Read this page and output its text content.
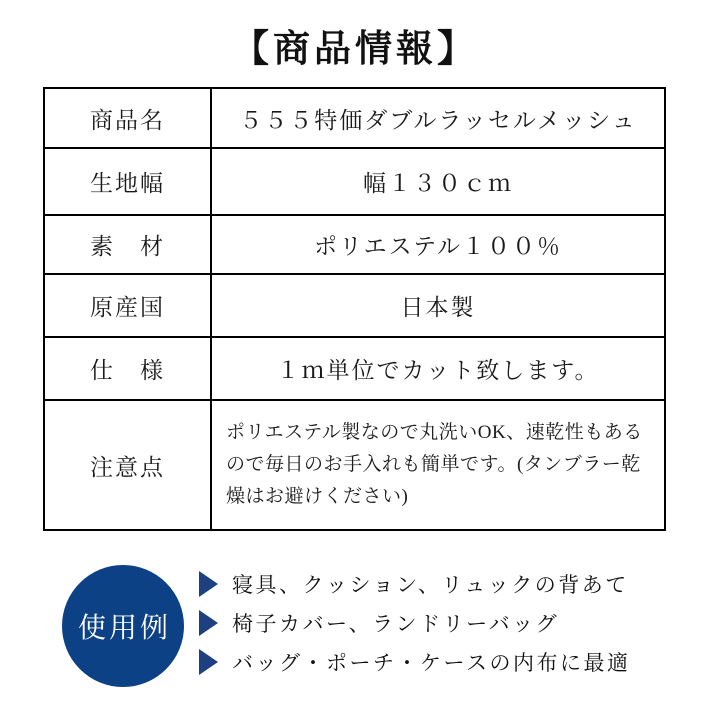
【商品情報】
商品名	５５５特価ダブルラッセルメッシュ
生地幅	幅１３０ｃｍ
素　材	ポリエステル１００％
原産国	日本製
仕　様	１ｍ単位でカット致します。
注意点	ポリエステル製なので丸洗いOK、速乾性もあるので毎日のお手入れも簡単です。(タンブラー乾燥はお避けください)
使用例
寝具、クッション、リュックの背あて
椅子カバー、ランドリーバッグ
バッグ・ポーチ・ケースの内布に最適
